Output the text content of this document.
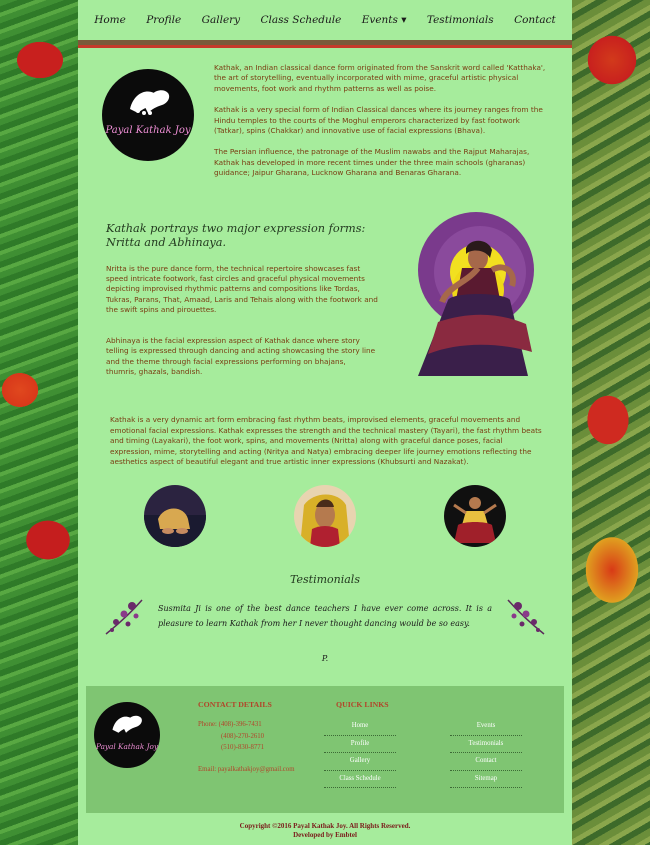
Home Profile Gallery Class Schedule Events ▾ Testimonials Contact
Payal Kathak Joy

Kathak, an Indian classical dance form originated from the Sanskrit word called 'Katthaka', the art of storytelling, eventually incorporated with mime, graceful artistic physical movements, foot work and rhythm patterns as well as poise.

Kathak is a very special form of Indian Classical dances where its journey ranges from the Hindu temples to the courts of the Moghul emperors characterized by fast footwork (Tatkar), spins (Chakkar) and innovative use of facial expressions (Bhava).

The Persian influence, the patronage of the Muslim nawabs and the Rajput Maharajas, Kathak has developed in more recent times under the three main schools (gharanas) guidance; Jaipur Gharana, Lucknow Gharana and Benaras Gharana.

Kathak portrays two major expression forms: Nritta and Abhinaya.

Nritta is the pure dance form, the technical repertoire showcases fast speed intricate footwork, fast circles and graceful physical movements depicting improvised rhythmic patterns and compositions like Tordas, Tukras, Parans, That, Amaad, Laris and Tehais along with the footwork and the swift spins and pirouettes.

Abhinaya is the facial expression aspect of Kathak dance where story telling is expressed through dancing and acting showcasing the story line and the theme through facial expressions performing on bhajans, thumris, ghazals, bandish.

Kathak is a very dynamic art form embracing fast rhythm beats, improvised elements, graceful movements and emotional facial expressions. Kathak expresses the strength and the technical mastery (Tayari), the fast rhythm beats and timing (Layakari), the foot work, spins, and movements (Nritta) along with graceful dance poses, facial expression, mime, storytelling and acting (Nritya and Natya) embracing deeper life journey emotions reflecting the aesthetics aspect of beautiful elegant and true artistic inner expressions (Khubsurti and Nazakat).

Testimonials
Susmita Ji is one of the best dance teachers I have ever come across. It is a pleasure to learn Kathak from her I never thought dancing would be so easy.
P.
Payal Kathak Joy
CONTACT DETAILS
Phone: (408)-396-7431
(408)-270-2610
(510)-830-8771
Email: payalkathakjoy@gmail.com
QUICK LINKS
Home
Profile
Gallery
Class Schedule
Events
Testimonials
Contact
Sitemap
Copyright ©2016 Payal Kathak Joy. All Rights Reserved.
Developed by Embtel
